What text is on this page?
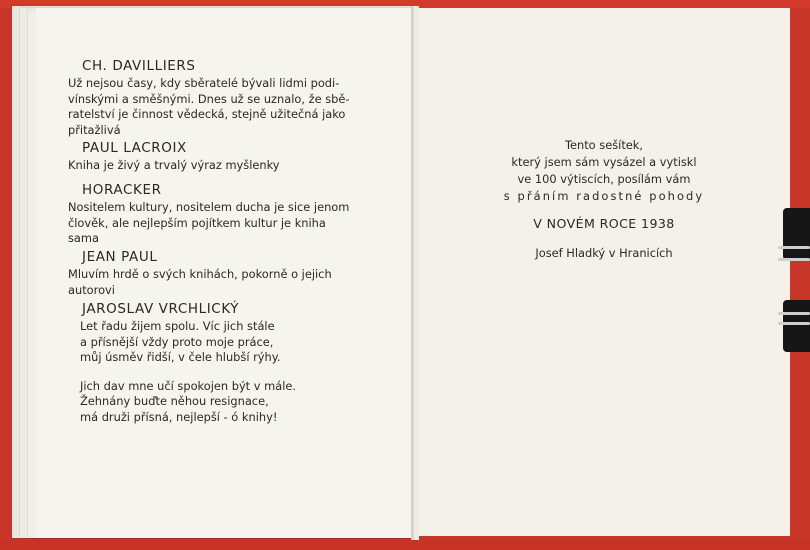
CH. DAVILLIERS
Už nejsou časy, kdy sběratelé bývali lidmi podi-
vínskými a směšnými. Dnes už se uznalo, že sbě-
ratelství je činnost vědecká, stejně užitečná jako
přitažlivá
PAUL LACROIX
Kniha je živý a trvalý výraz myšlenky
HORACKER
Nositelem kultury, nositelem ducha je sice jenom
člověk, ale nejlepším pojítkem kultur je kniha
sama
JEAN PAUL
Mluvím hrdě o svých knihách, pokorně o jejich
autorovi
JAROSLAV VRCHLICKÝ
Let řadu žijem spolu. Víc jich stále
a přísnější vždy proto moje práce,
můj úsměv řidší, v čele hlubší rýhy.
Jich dav mne učí spokojen být v mále.
Žehnány buďte něhou resignace,
má druži přísná, nejlepší - ó knihy!
Tento sešítek,
který jsem sám vysázel a vytiskl
ve 100 výtiscích, posílám vám
s přáním radostné pohody
V NOVÉM ROCE 1938
Josef Hladký v Hranicích
